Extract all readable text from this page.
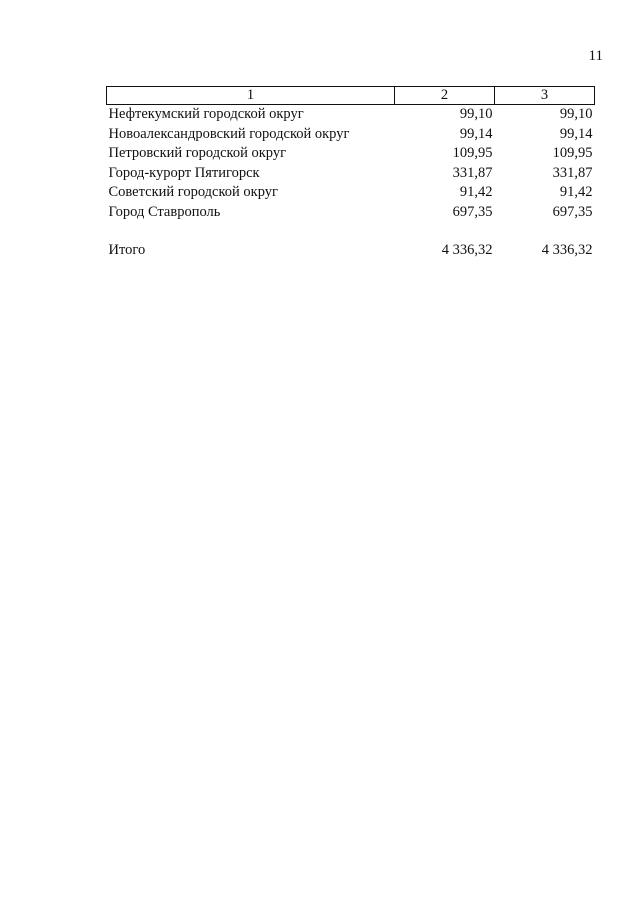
11
1	2	3
Нефтекумский городской округ	99,10	99,10
Новоалександровский городской округ	99,14	99,14
Петровский городской округ	109,95	109,95
Город-курорт Пятигорск	331,87	331,87
Советский городской округ	91,42	91,42
Город Ставрополь	697,35	697,35

Итого	4 336,32	4 336,32
